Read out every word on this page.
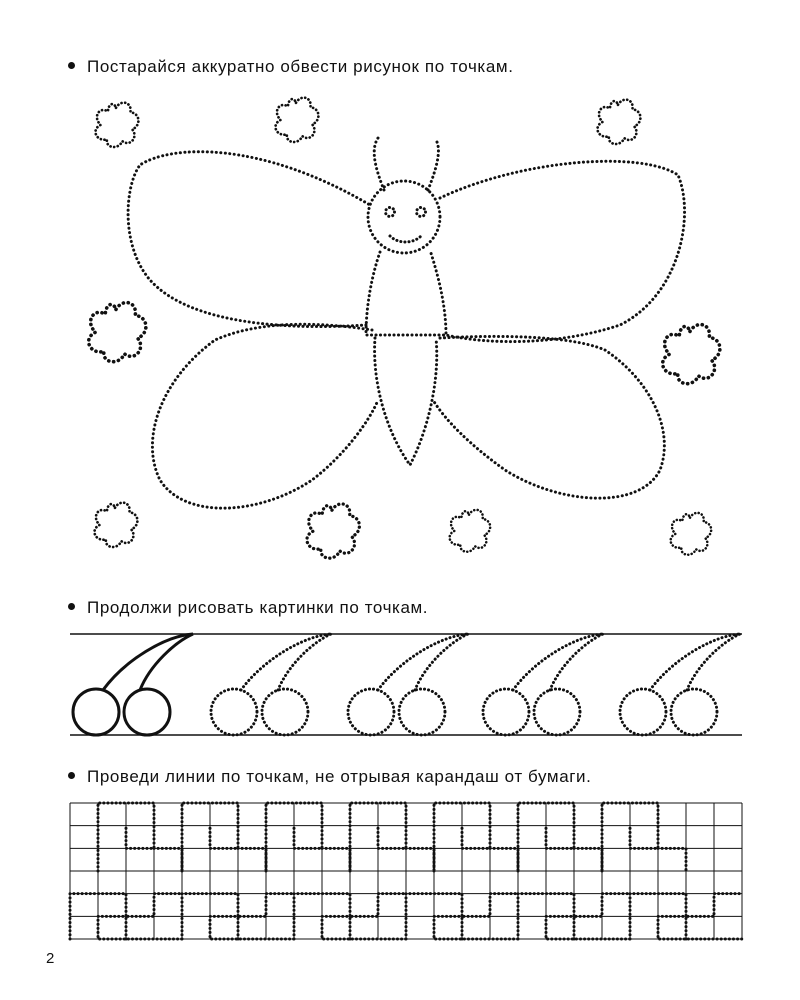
Постарайся аккуратно обвести рисунок по точкам.
Продолжи рисовать картинки по точкам.
Проведи линии по точкам, не отрывая карандаш от бумаги.
2
